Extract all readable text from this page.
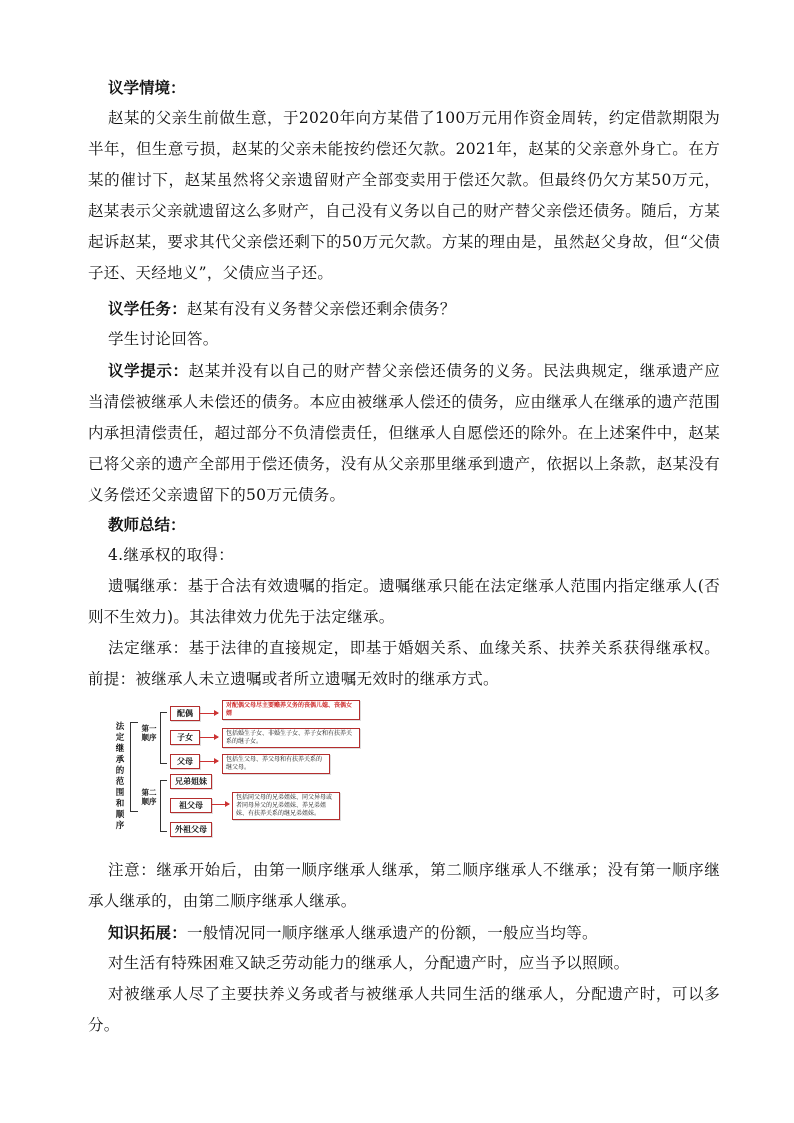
议学情境：
赵某的父亲生前做生意，于2020年向方某借了100万元用作资金周转，约定借款期限为半年，但生意亏损，赵某的父亲未能按约偿还欠款。2021年，赵某的父亲意外身亡。在方某的催讨下，赵某虽然将父亲遗留财产全部变卖用于偿还欠款。但最终仍欠方某50万元，赵某表示父亲就遗留这么多财产，自己没有义务以自己的财产替父亲偿还债务。随后，方某起诉赵某，要求其代父亲偿还剩下的50万元欠款。方某的理由是，虽然赵父身故，但“父债子还、天经地义”，父债应当子还。
议学任务：赵某有没有义务替父亲偿还剩余债务？
学生讨论回答。
议学提示：赵某并没有以自己的财产替父亲偿还债务的义务。民法典规定，继承遗产应当清偿被继承人未偿还的债务。本应由被继承人偿还的债务，应由继承人在继承的遗产范围内承担清偿责任，超过部分不负清偿责任，但继承人自愿偿还的除外。在上述案件中，赵某已将父亲的遗产全部用于偿还债务，没有从父亲那里继承到遗产，依据以上条款，赵某没有义务偿还父亲遗留下的50万元债务。
教师总结：
4.继承权的取得：
遗嘱继承：基于合法有效遗嘱的指定。遗嘱继承只能在法定继承人范围内指定继承人(否则不生效力)。其法律效力优先于法定继承。
法定继承：基于法律的直接规定，即基于婚姻关系、血缘关系、扶养关系获得继承权。前提：被继承人未立遗嘱或者所立遗嘱无效时的继承方式。
法定继承的范围和顺序
第一顺序
第二顺序
配偶
子女
父母
兄弟姐妹
祖父母
外祖父母
对配偶父母尽主要赡养义务的丧偶儿媳、丧偶女婿
包括婚生子女、非婚生子女、养子女和有扶养关系的继子女。
包括生父母、养父母和有扶养关系的继父母。
包括同父母的兄弟姐妹、同父异母或者同母异父的兄弟姐妹、养兄弟姐妹、有扶养关系的继兄弟姐妹。
注意：继承开始后，由第一顺序继承人继承，第二顺序继承人不继承；没有第一顺序继承人继承的，由第二顺序继承人继承。
知识拓展：一般情况同一顺序继承人继承遗产的份额，一般应当均等。
对生活有特殊困难又缺乏劳动能力的继承人，分配遗产时，应当予以照顾。
对被继承人尽了主要扶养义务或者与被继承人共同生活的继承人，分配遗产时，可以多分。
